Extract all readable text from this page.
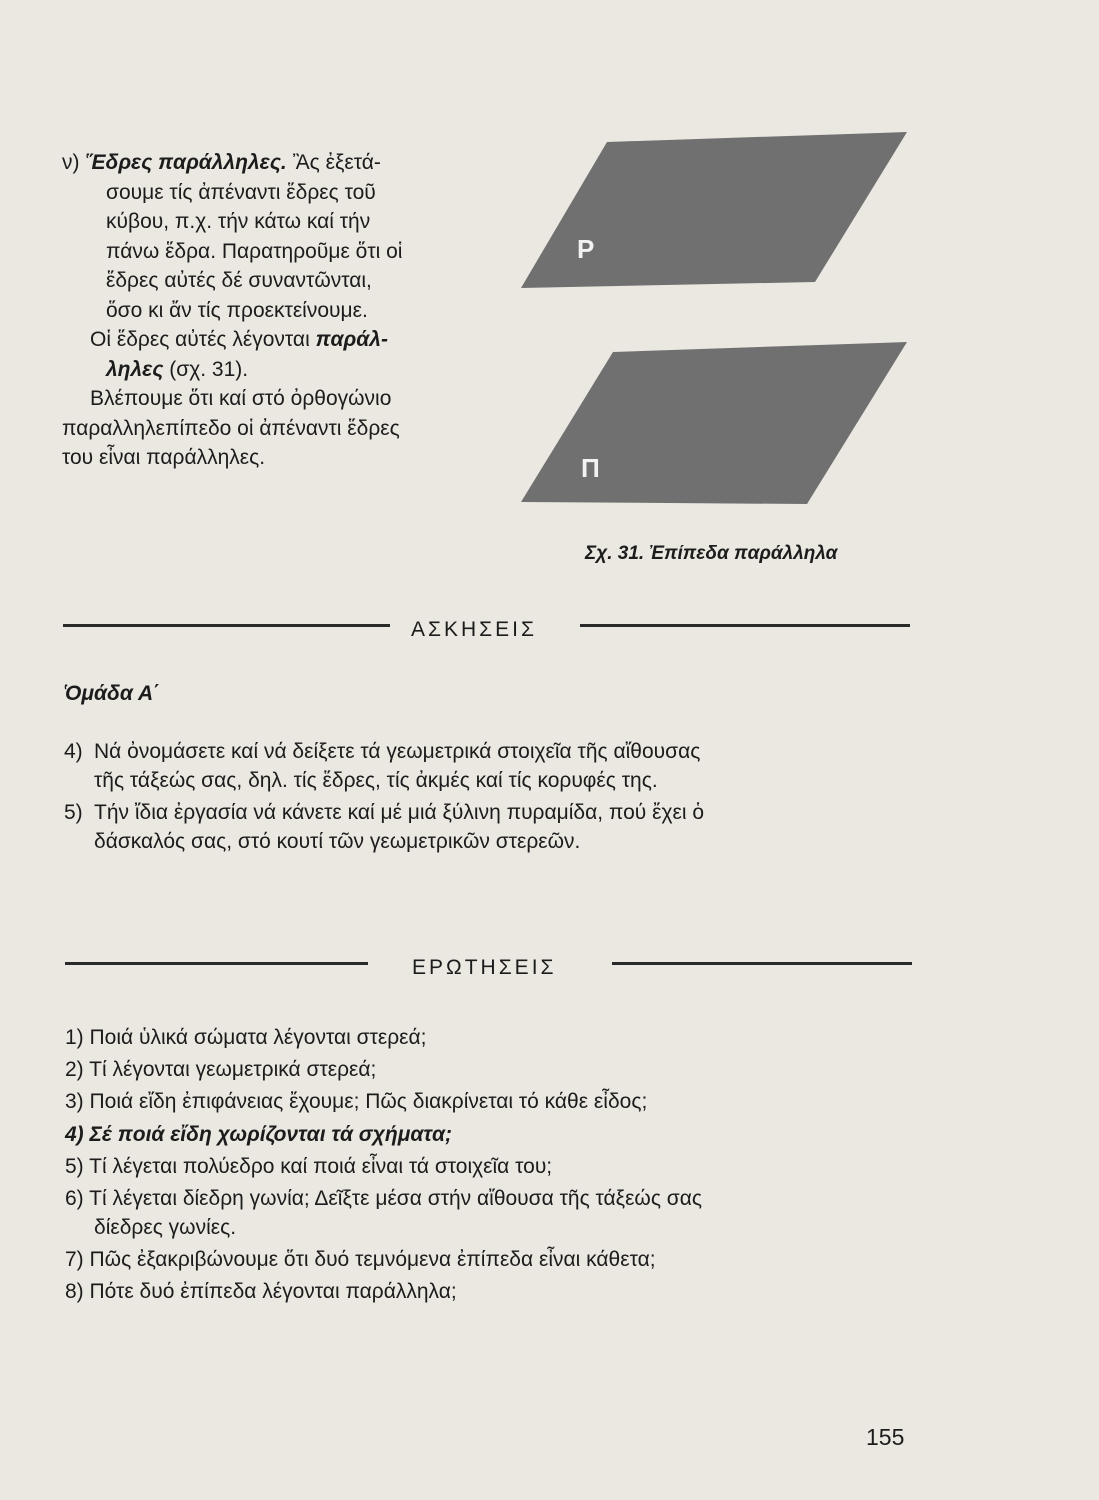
ν) Ἕδρες παράλληλες. Ἂς ἐξετά-
σουμε τίς ἀπέναντι ἕδρες τοῦ
κύβου, π.χ. τήν κάτω καί τήν
πάνω ἕδρα. Παρατηροῦμε ὅτι οἱ
ἕδρες αὐτές δέ συναντῶνται,
ὅσο κι ἄν τίς προεκτείνουμε.
Οἱ ἕδρες αὐτές λέγονται παράλ-
ληλες (σχ. 31).
Βλέπουμε ὅτι καί στό ὀρθογώνιο
παραλληλεπίπεδο οἱ ἀπέναντι ἕδρες
του εἶναι παράλληλες.
P
Π
Σχ. 31. Ἐπίπεδα παράλληλα
ΑΣΚΗΣΕΙΣ
Ὁμάδα Α΄
4) Νά ὀνομάσετε καί νά δείξετε τά γεωμετρικά στοιχεῖα τῆς αἴθουσας
τῆς τάξεώς σας, δηλ. τίς ἕδρες, τίς ἀκμές καί τίς κορυφές της.
5) Τήν ἴδια ἐργασία νά κάνετε καί μέ μιά ξύλινη πυραμίδα, πού ἔχει ὁ
δάσκαλός σας, στό κουτί τῶν γεωμετρικῶν στερεῶν.
ΕΡΩΤΗΣΕΙΣ
1) Ποιά ὑλικά σώματα λέγονται στερεά;
2) Τί λέγονται γεωμετρικά στερεά;
3) Ποιά εἴδη ἐπιφάνειας ἔχουμε; Πῶς διακρίνεται τό κάθε εἶδος;
4) Σέ ποιά εἴδη χωρίζονται τά σχήματα;
5) Τί λέγεται πολύεδρο καί ποιά εἶναι τά στοιχεῖα του;
6) Τί λέγεται δίεδρη γωνία; Δεῖξτε μέσα στήν αἴθουσα τῆς τάξεώς σας
δίεδρες γωνίες.
7) Πῶς ἐξακριβώνουμε ὅτι δυό τεμνόμενα ἐπίπεδα εἶναι κάθετα;
8) Πότε δυό ἐπίπεδα λέγονται παράλληλα;
155
